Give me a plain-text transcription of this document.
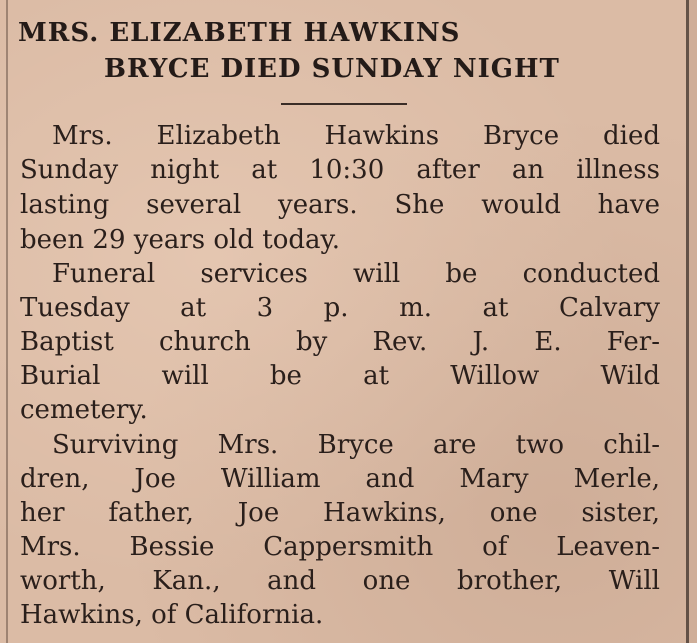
MRS. ELIZABETH HAWKINS
BRYCE DIED SUNDAY NIGHT
Mrs. Elizabeth Hawkins Bryce died
Sunday night at 10:30 after an illness
lasting several years. She would have
been 29 years old today.
Funeral services will be conducted
Tuesday at 3 p. m. at Calvary
Baptist church by Rev. J. E. Fer-
Burial will be at Willow Wild
cemetery.
Surviving Mrs. Bryce are two chil-
dren, Joe William and Mary Merle,
her father, Joe Hawkins, one sister,
Mrs. Bessie Cappersmith of Leaven-
worth, Kan., and one brother, Will
Hawkins, of California.
